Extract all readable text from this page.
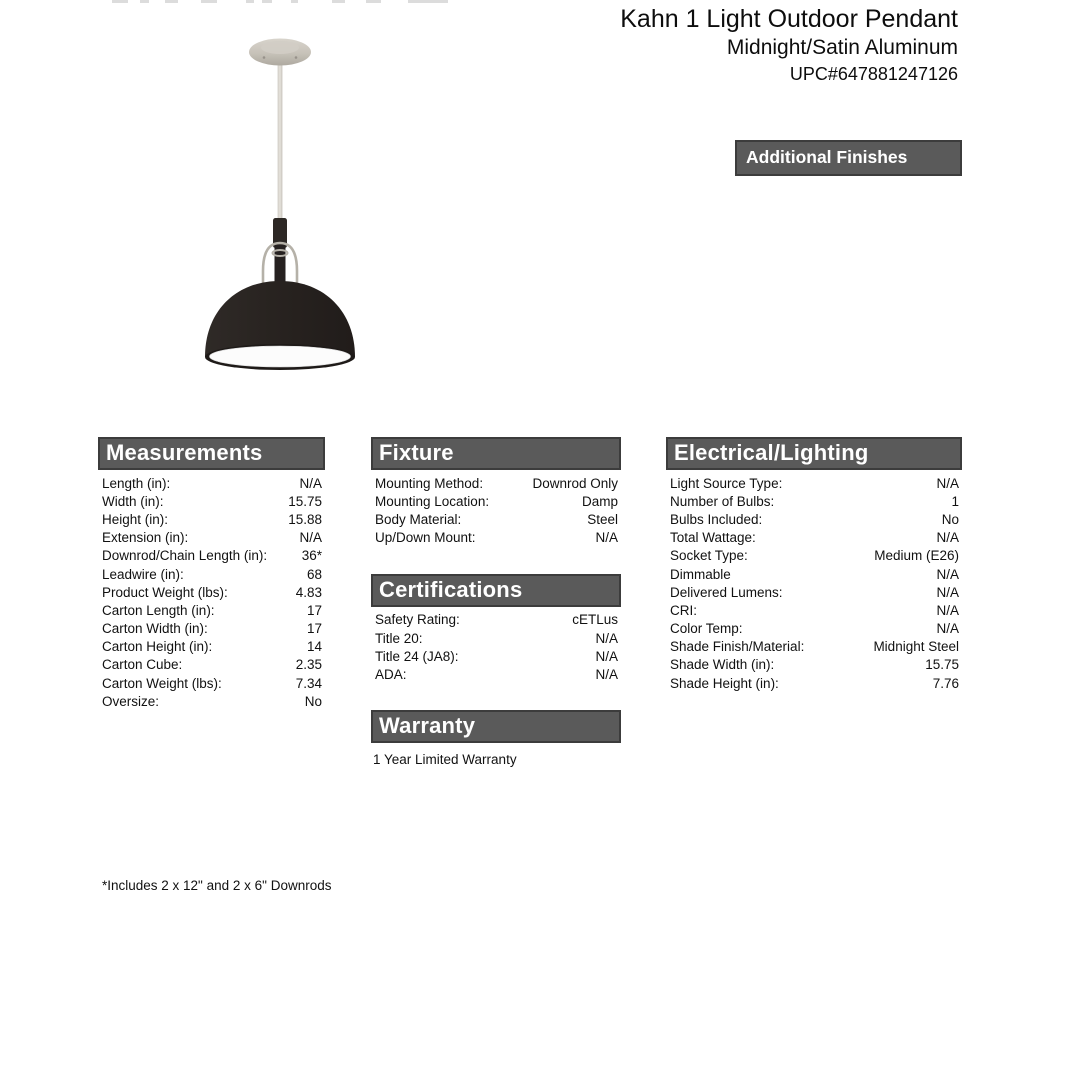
Kahn 1 Light Outdoor Pendant
Midnight/Satin Aluminum
UPC#647881247126
Additional Finishes
Measurements
Length (in):	N/A
Width (in):	15.75
Height (in):	15.88
Extension (in):	N/A
Downrod/Chain Length (in):	36*
Leadwire (in):	68
Product Weight (lbs):	4.83
Carton Length (in):	17
Carton Width (in):	17
Carton Height (in):	14
Carton Cube:	2.35
Carton Weight (lbs):	7.34
Oversize:	No
Fixture
Mounting Method:	Downrod Only
Mounting Location:	Damp
Body Material:	Steel
Up/Down Mount:	N/A
Certifications
Safety Rating:	cETLus
Title 20:	N/A
Title 24 (JA8):	N/A
ADA:	N/A
Warranty
1 Year Limited Warranty
Electrical/Lighting
Light Source Type:	N/A
Number of Bulbs:	1
Bulbs Included:	No
Total Wattage:	N/A
Socket Type:	Medium (E26)
Dimmable	N/A
Delivered Lumens:	N/A
CRI:	N/A
Color Temp:	N/A
Shade Finish/Material:	Midnight Steel
Shade Width (in):	15.75
Shade Height (in):	7.76
*Includes 2 x 12" and 2 x 6" Downrods
